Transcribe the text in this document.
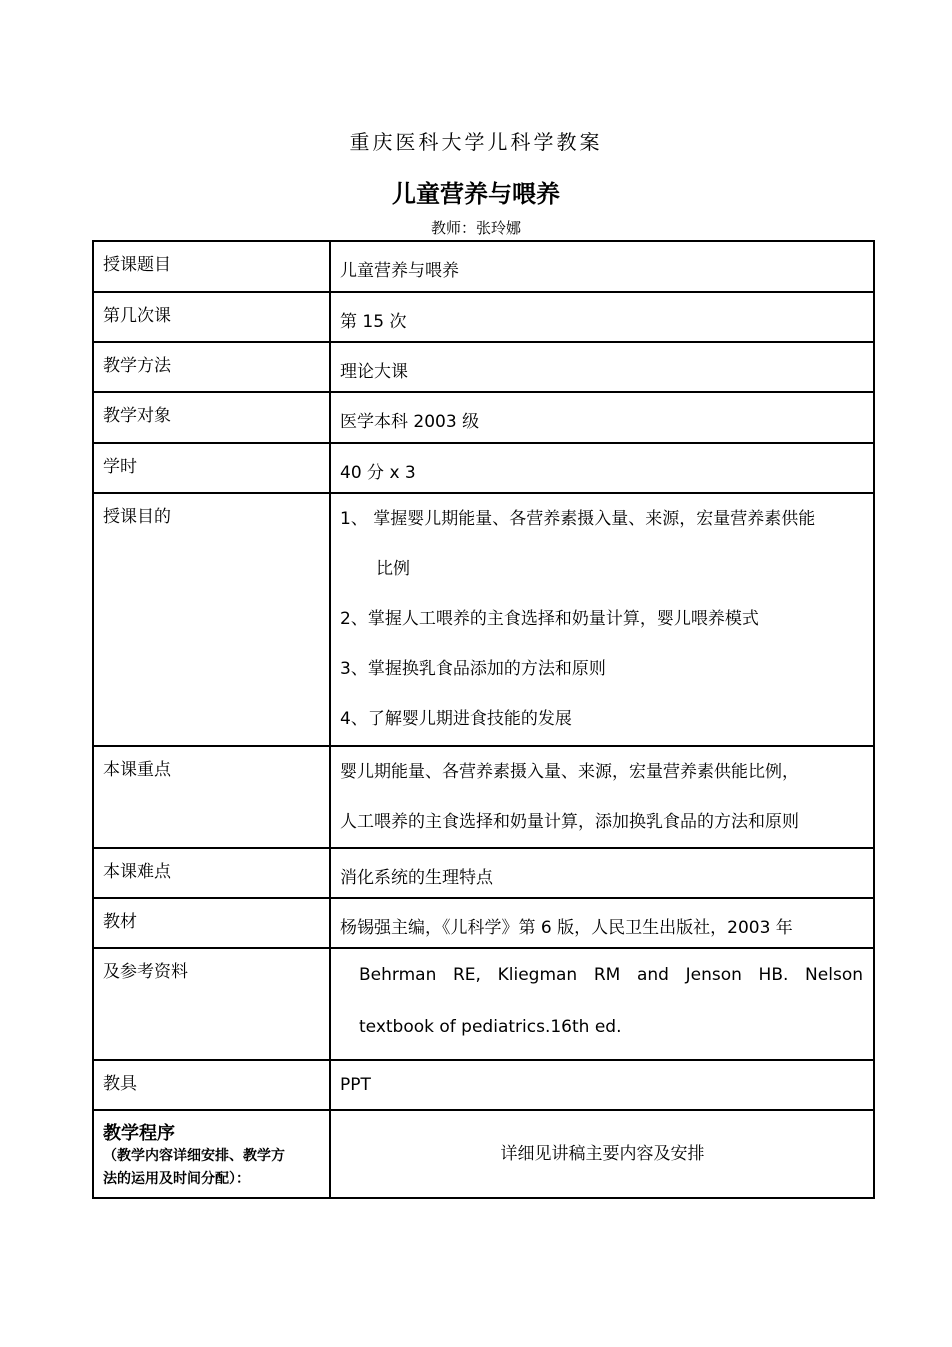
重庆医科大学儿科学教案
儿童营养与喂养
教师：张玲娜
授课题目	儿童营养与喂养
第几次课	第 15 次
教学方法	理论大课
教学对象	医学本科 2003 级
学时	40 分 x 3
授课目的	1、 掌握婴儿期能量、各营养素摄入量、来源，宏量营养素供能
比例
2、掌握人工喂养的主食选择和奶量计算，婴儿喂养模式
3、掌握换乳食品添加的方法和原则
4、了解婴儿期进食技能的发展

本课重点	婴儿期能量、各营养素摄入量、来源，宏量营养素供能比例，
人工喂养的主食选择和奶量计算，添加换乳食品的方法和原则

本课难点	消化系统的生理特点
教材	杨锡强主编，《儿科学》第 6 版，人民卫生出版社，2003 年
及参考资料	Behrman RE, Kliegman RM and Jenson HB. Nelson
textbook of pediatrics.16th ed.

教具	PPT

教学程序
（教学内容详细安排、教学方
法的运用及时间分配）：	详细见讲稿主要内容及安排
